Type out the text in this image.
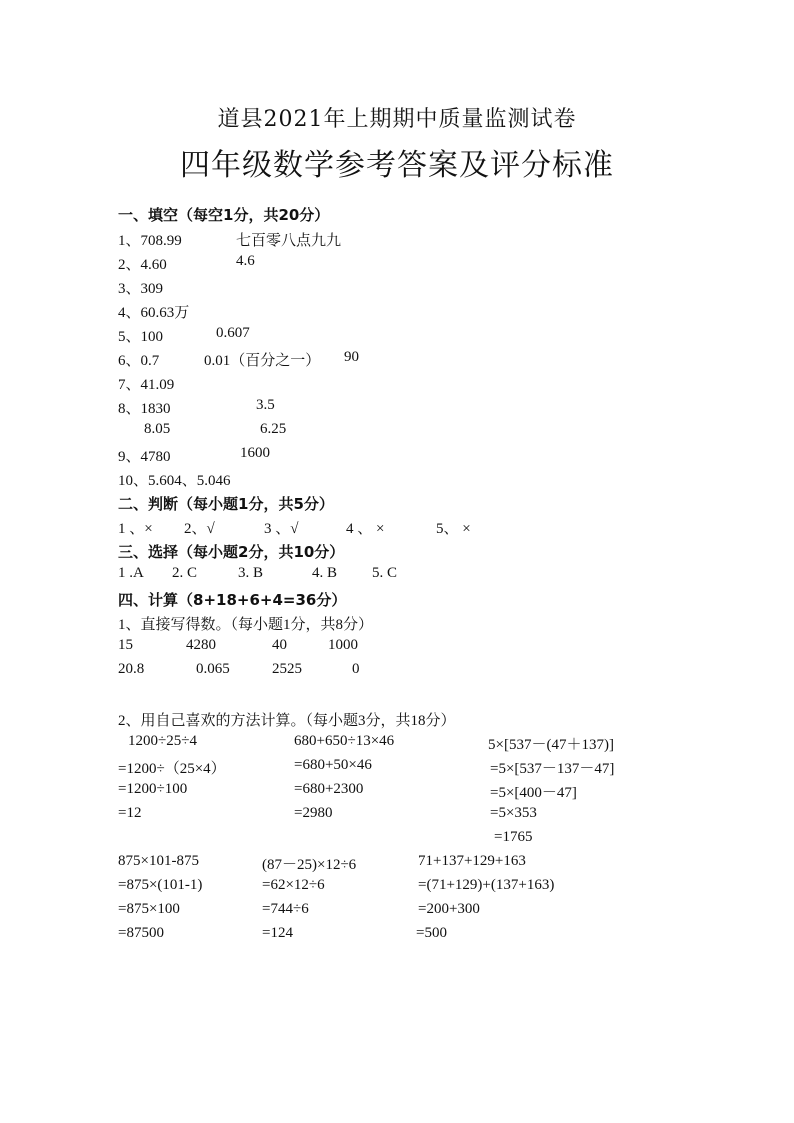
道县2021年上期期中质量监测试卷
四年级数学参考答案及评分标准
一、填空（每空1分，共20分）
1、708.99	七百零八点九九
2、4.60	4.6
3、309
4、60.63万
5、100	0.607
6、0.7	0.01（百分之一） 90
7、41.09
8、1830	3.5
8.05	6.25
9、4780	1600
10、5.604、5.046
二、判断（每小题1分，共5分）
1 、× 2、√	3 、√	4 、 ×	5、 ×
三、选择（每小题2分，共10分）
1 .A 2. C	3. B	4. B 5. C
四、计算（8+18+6+4=36分）
1、直接写得数。（每小题1分，共8分）
15	4280	40	1000
20.8	0.065	2525	0
2、用自己喜欢的方法计算。（每小题3分，共18分）
1200÷25÷4
=1200÷（25×4）
=1200÷100
=12
680+650÷13×46
=680+50×46
=680+2300
=2980
5×[537－(47＋137)]
=5×[537－137－47]
=5×[400－47]
=5×353
=1765
875×101-875
=875×(101-1)
=875×100
=87500
(87－25)×12÷6
=62×12÷6
=744÷6
=124
71+137+129+163
=(71+129)+(137+163)
=200+300
=500
